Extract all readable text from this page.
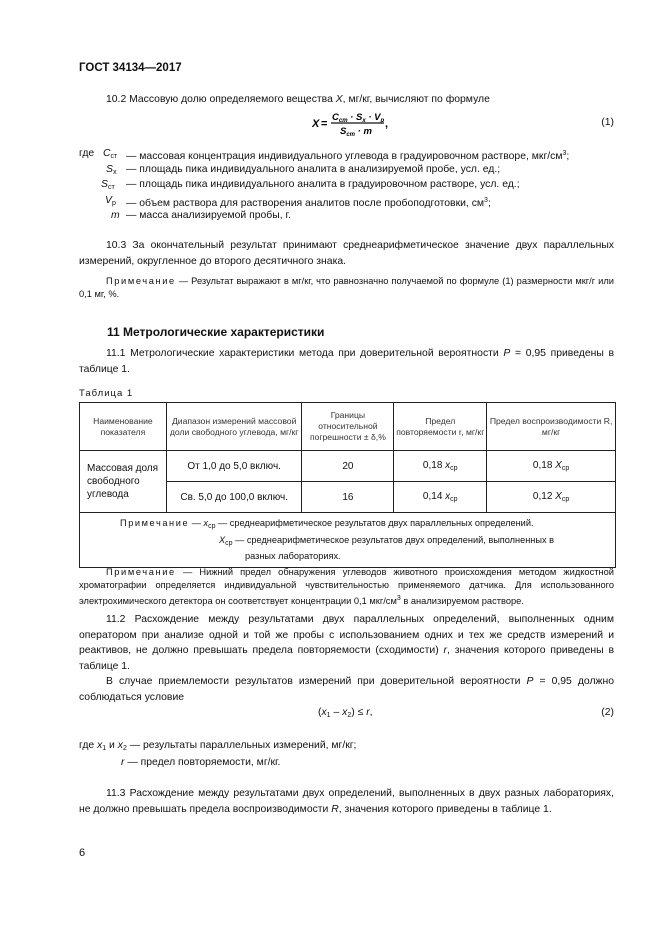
ГОСТ 34134—2017
10.2 Массовую долю определяемого вещества X, мг/кг, вычисляют по формуле
X =
$C_{ст} \cdot S_x \cdot V_р$
$S_{ст} \cdot m$
,	(1)
где $C_{ст}$ — массовая концентрация индивидуального углевода в градуировочном растворе, мкг/$см^3$;
$S_x$ — площадь пика индивидуального аналита в анализируемой пробе, усл. ед.;
$S_{ст}$ — площадь пика индивидуального аналита в градуировочном растворе, усл. ед.;
$V_р$ — объем раствора для растворения аналитов после пробоподготовки, $см^3$;
m — масса анализируемой пробы, г.
10.3 За окончательный результат принимают среднеарифметическое значение двух параллельных измерений, округленное до второго десятичного знака.
Примечание — Результат выражают в мг/кг, что равнозначно получаемой по формуле (1) размерности мкг/г или 0,1 мг, %.
11 Метрологические характеристики
11.1 Метрологические характеристики метода при доверительной вероятности P = 0,95 приведены в таблице 1.
Таблица 1
Наименование показателя	Диапазон измерений массовой доли свободного углевода, мг/кг	Границы относительной погрешности ± δ,%	Предел повторяемости r, мг/кг	Предел воспроизводимости R, мг/кг
Массовая доля свободного углевода	От 1,0 до 5,0 включ.	20	0,18 $x_{ср}$	0,18 $X_{ср}$
	Св. 5,0 до 100,0 включ.	16	0,14 $x_{ср}$	0,12 $X_{ср}$

Примечание — $x_{ср}$ — среднеарифметическое результатов двух параллельных определений.
$X_{ср}$ — среднеарифметическое результатов двух определений, выполненных в
разных лабораториях.				
Примечание — Нижний предел обнаружения углеводов животного происхождения методом жидкостной хроматографии определяется индивидуальной чувствительностью применяемого датчика. Для использованного электрохимического детектора он соответствует концентрации 0,1 мкг/$см^3$ в анализируемом растворе.
11.2 Расхождение между результатами двух параллельных определений, выполненных одним оператором при анализе одной и той же пробы с использованием одних и тех же средств измерений и реактивов, не должно превышать предела повторяемости (сходимости) r, значения которого приведены в таблице 1.
В случае приемлемости результатов измерений при доверительной вероятности P = 0,95 должно соблюдаться условие
$(x_1 - x_2) \le r$,	(2)
где $x_1$ и $x_2$ — результаты параллельных измерений, мг/кг;
r — предел повторяемости, мг/кг.
11.3 Расхождение между результатами двух определений, выполненных в двух разных лабораториях, не должно превышать предела воспроизводимости R, значения которого приведены в таблице 1.
6
